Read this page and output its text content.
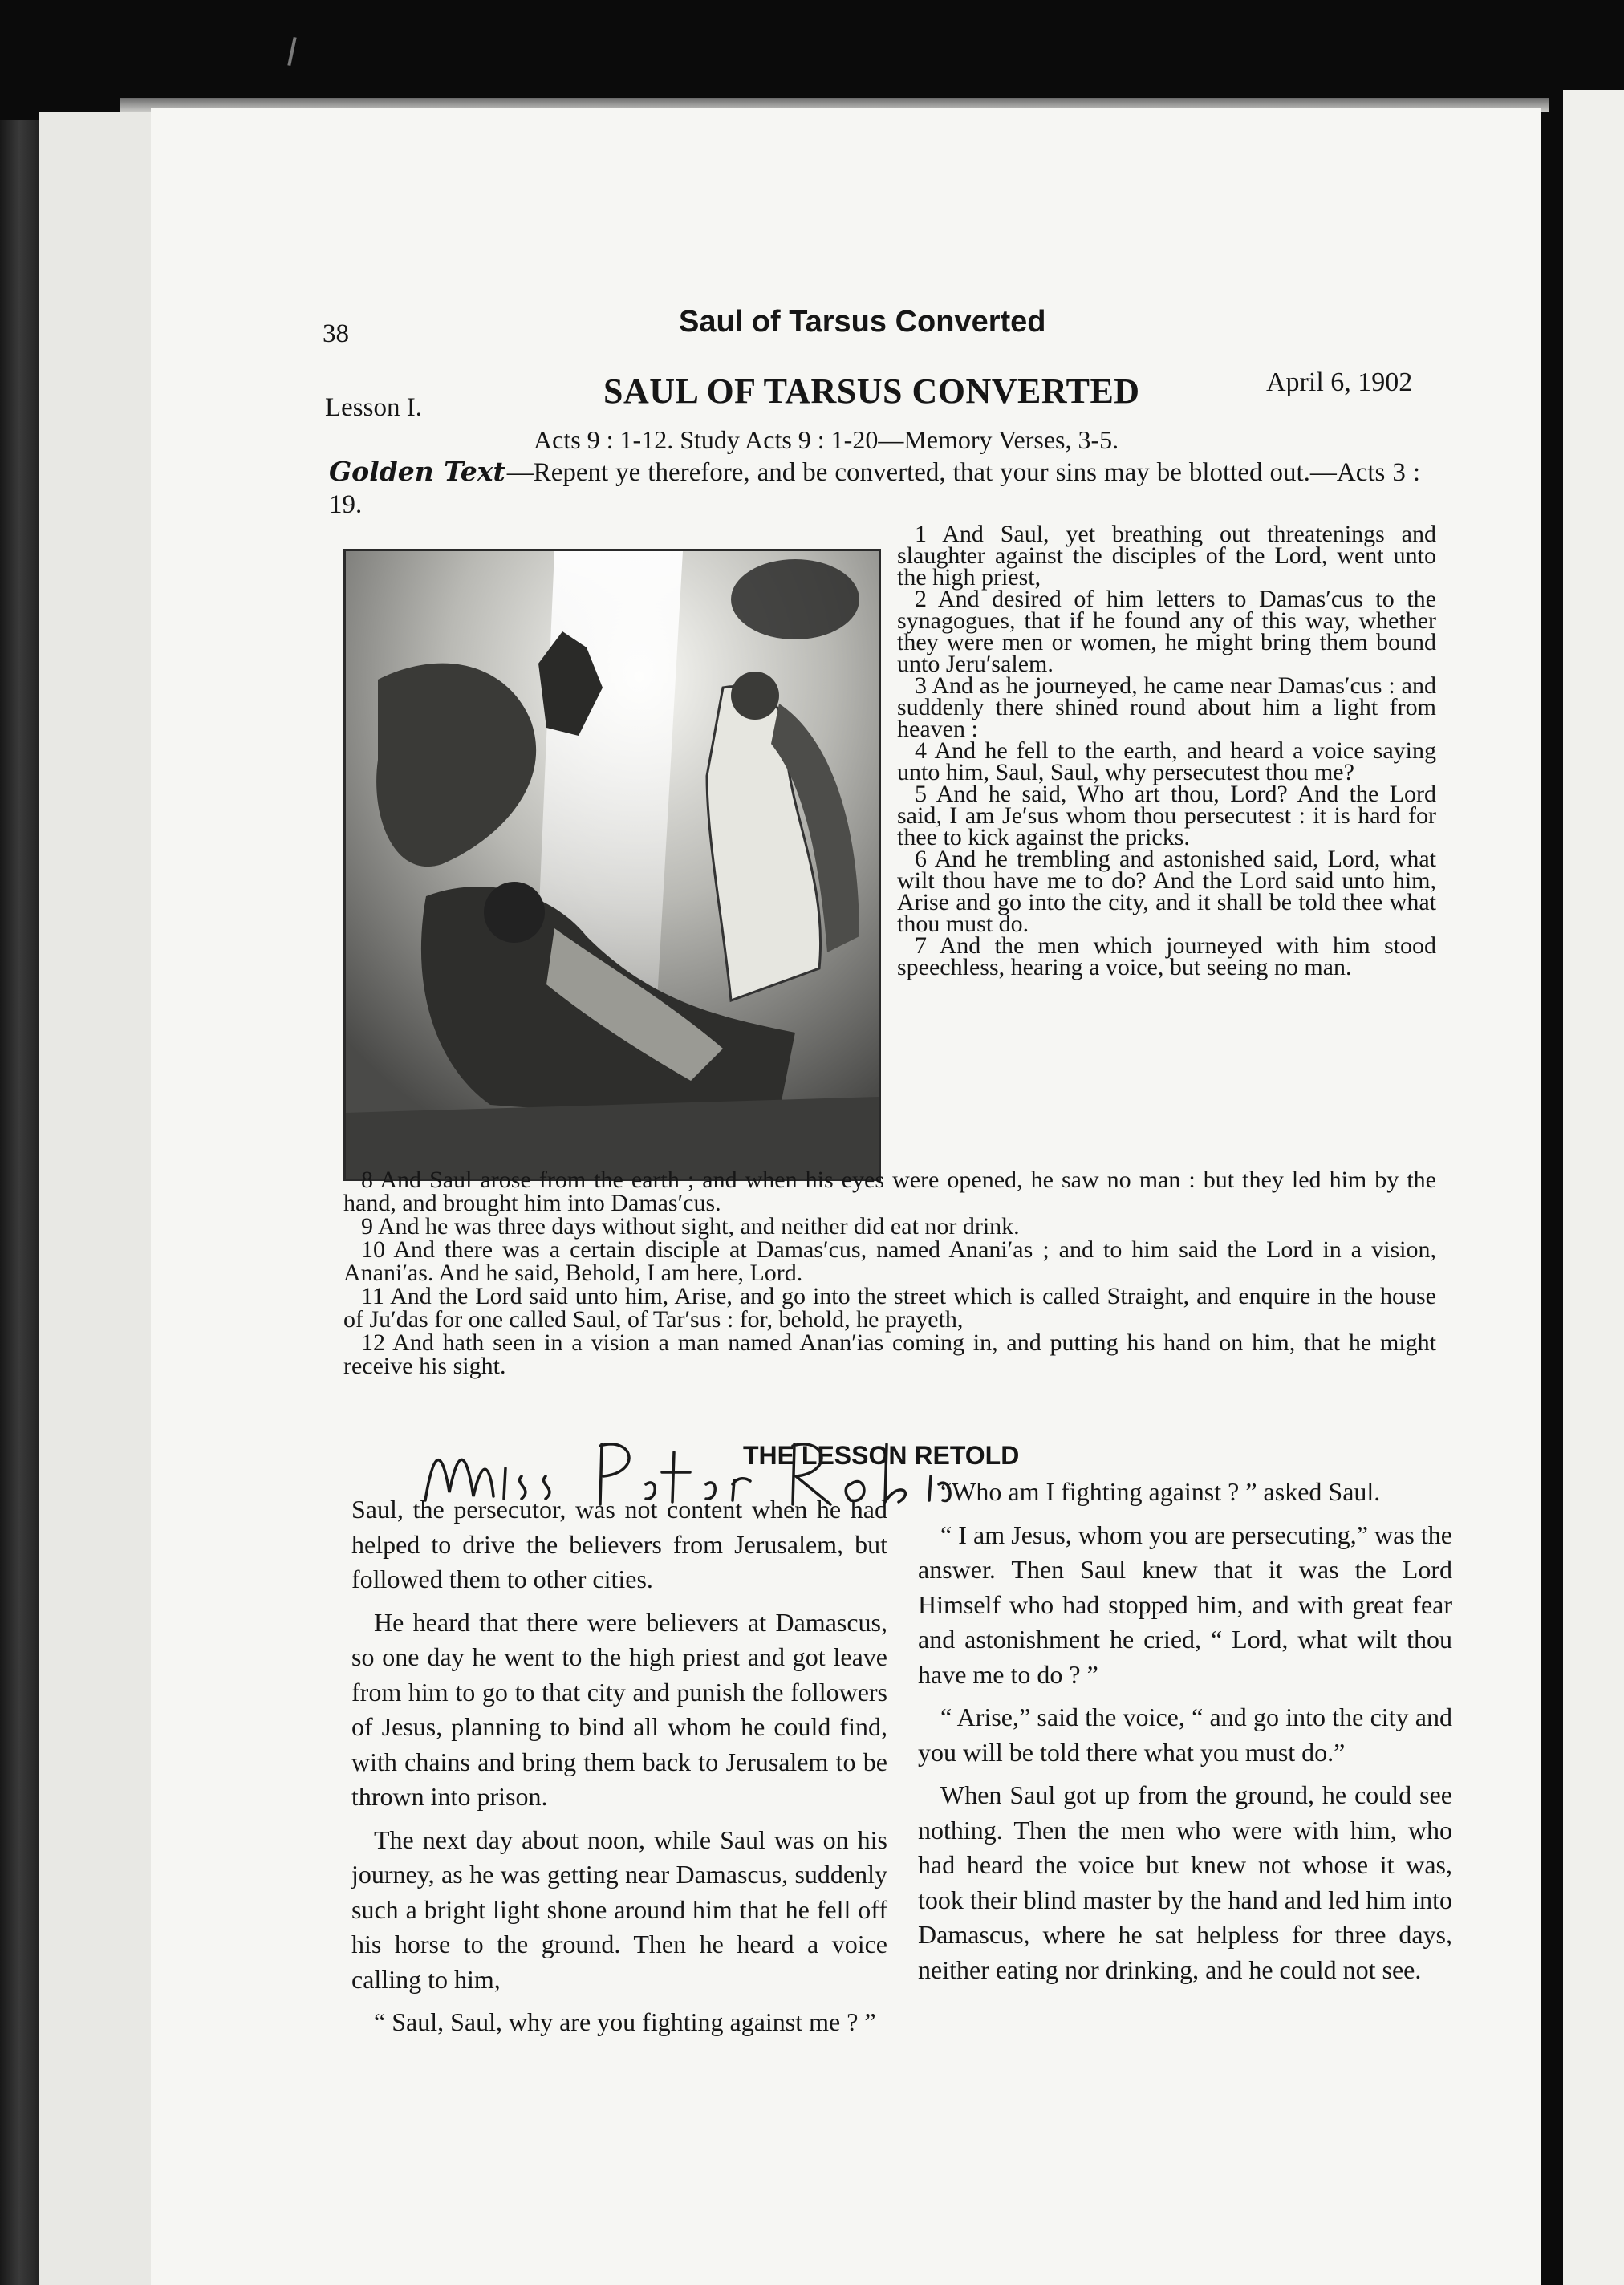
38	Saul of Tarsus Converted
Lesson I.	SAUL OF TARSUS CONVERTED	April 6, 1902
Acts 9 : 1-12. Study Acts 9 : 1-20—Memory Verses, 3-5.
Golden Text—Repent ye therefore, and be converted, that your sins may be blotted out.—Acts 3 : 19.

1 And Saul, yet breathing out threatenings and slaughter against the disciples of the Lord, went unto the high priest,

2 And desired of him letters to Damas′cus to the synagogues, that if he found any of this way, whether they were men or women, he might bring them bound unto Jeru′salem.

3 And as he journeyed, he came near Damas′cus : and suddenly there shined round about him a light from heaven :

4 And he fell to the earth, and heard a voice saying unto him, Saul, Saul, why persecutest thou me?

5 And he said, Who art thou, Lord? And the Lord said, I am Je′sus whom thou persecutest : it is hard for thee to kick against the pricks.

6 And he trembling and astonished said, Lord, what wilt thou have me to do? And the Lord said unto him, Arise and go into the city, and it shall be told thee what thou must do.

7 And the men which journeyed with him stood speechless, hearing a voice, but seeing no man.

8 And Saul arose from the earth ; and when his eyes were opened, he saw no man : but they led him by the hand, and brought him into Damas′cus.

9 And he was three days without sight, and neither did eat nor drink.

10 And there was a certain disciple at Damas′cus, named Anani′as ; and to him said the Lord in a vision, Anani′as. And he said, Behold, I am here, Lord.

11 And the Lord said unto him, Arise, and go into the street which is called Straight, and enquire in the house of Ju′das for one called Saul, of Tar′sus : for, behold, he prayeth,

12 And hath seen in a vision a man named Anan′ias coming in, and putting his hand on him, that he might receive his sight.

THE LESSON RETOLD

Saul, the persecutor, was not content when he had helped to drive the believers from Jerusalem, but followed them to other cities.

He heard that there were believers at Damascus, so one day he went to the high priest and got leave from him to go to that city and punish the followers of Jesus, planning to bind all whom he could find, with chains and bring them back to Jerusalem to be thrown into prison.

The next day about noon, while Saul was on his journey, as he was getting near Damascus, suddenly such a bright light shone around him that he fell off his horse to the ground. Then he heard a voice calling to him,

“ Saul, Saul, why are you fighting against me ? ”

“Who am I fighting against ? ” asked Saul.

“ I am Jesus, whom you are persecuting,” was the answer. Then Saul knew that it was the Lord Himself who had stopped him, and with great fear and astonishment he cried, “ Lord, what wilt thou have me to do ? ”

“ Arise,” said the voice, “ and go into the city and you will be told there what you must do.”

When Saul got up from the ground, he could see nothing. Then the men who were with him, who had heard the voice but knew not whose it was, took their blind master by the hand and led him into Damascus, where he sat helpless for three days, neither eating nor drinking, and he could not see.
